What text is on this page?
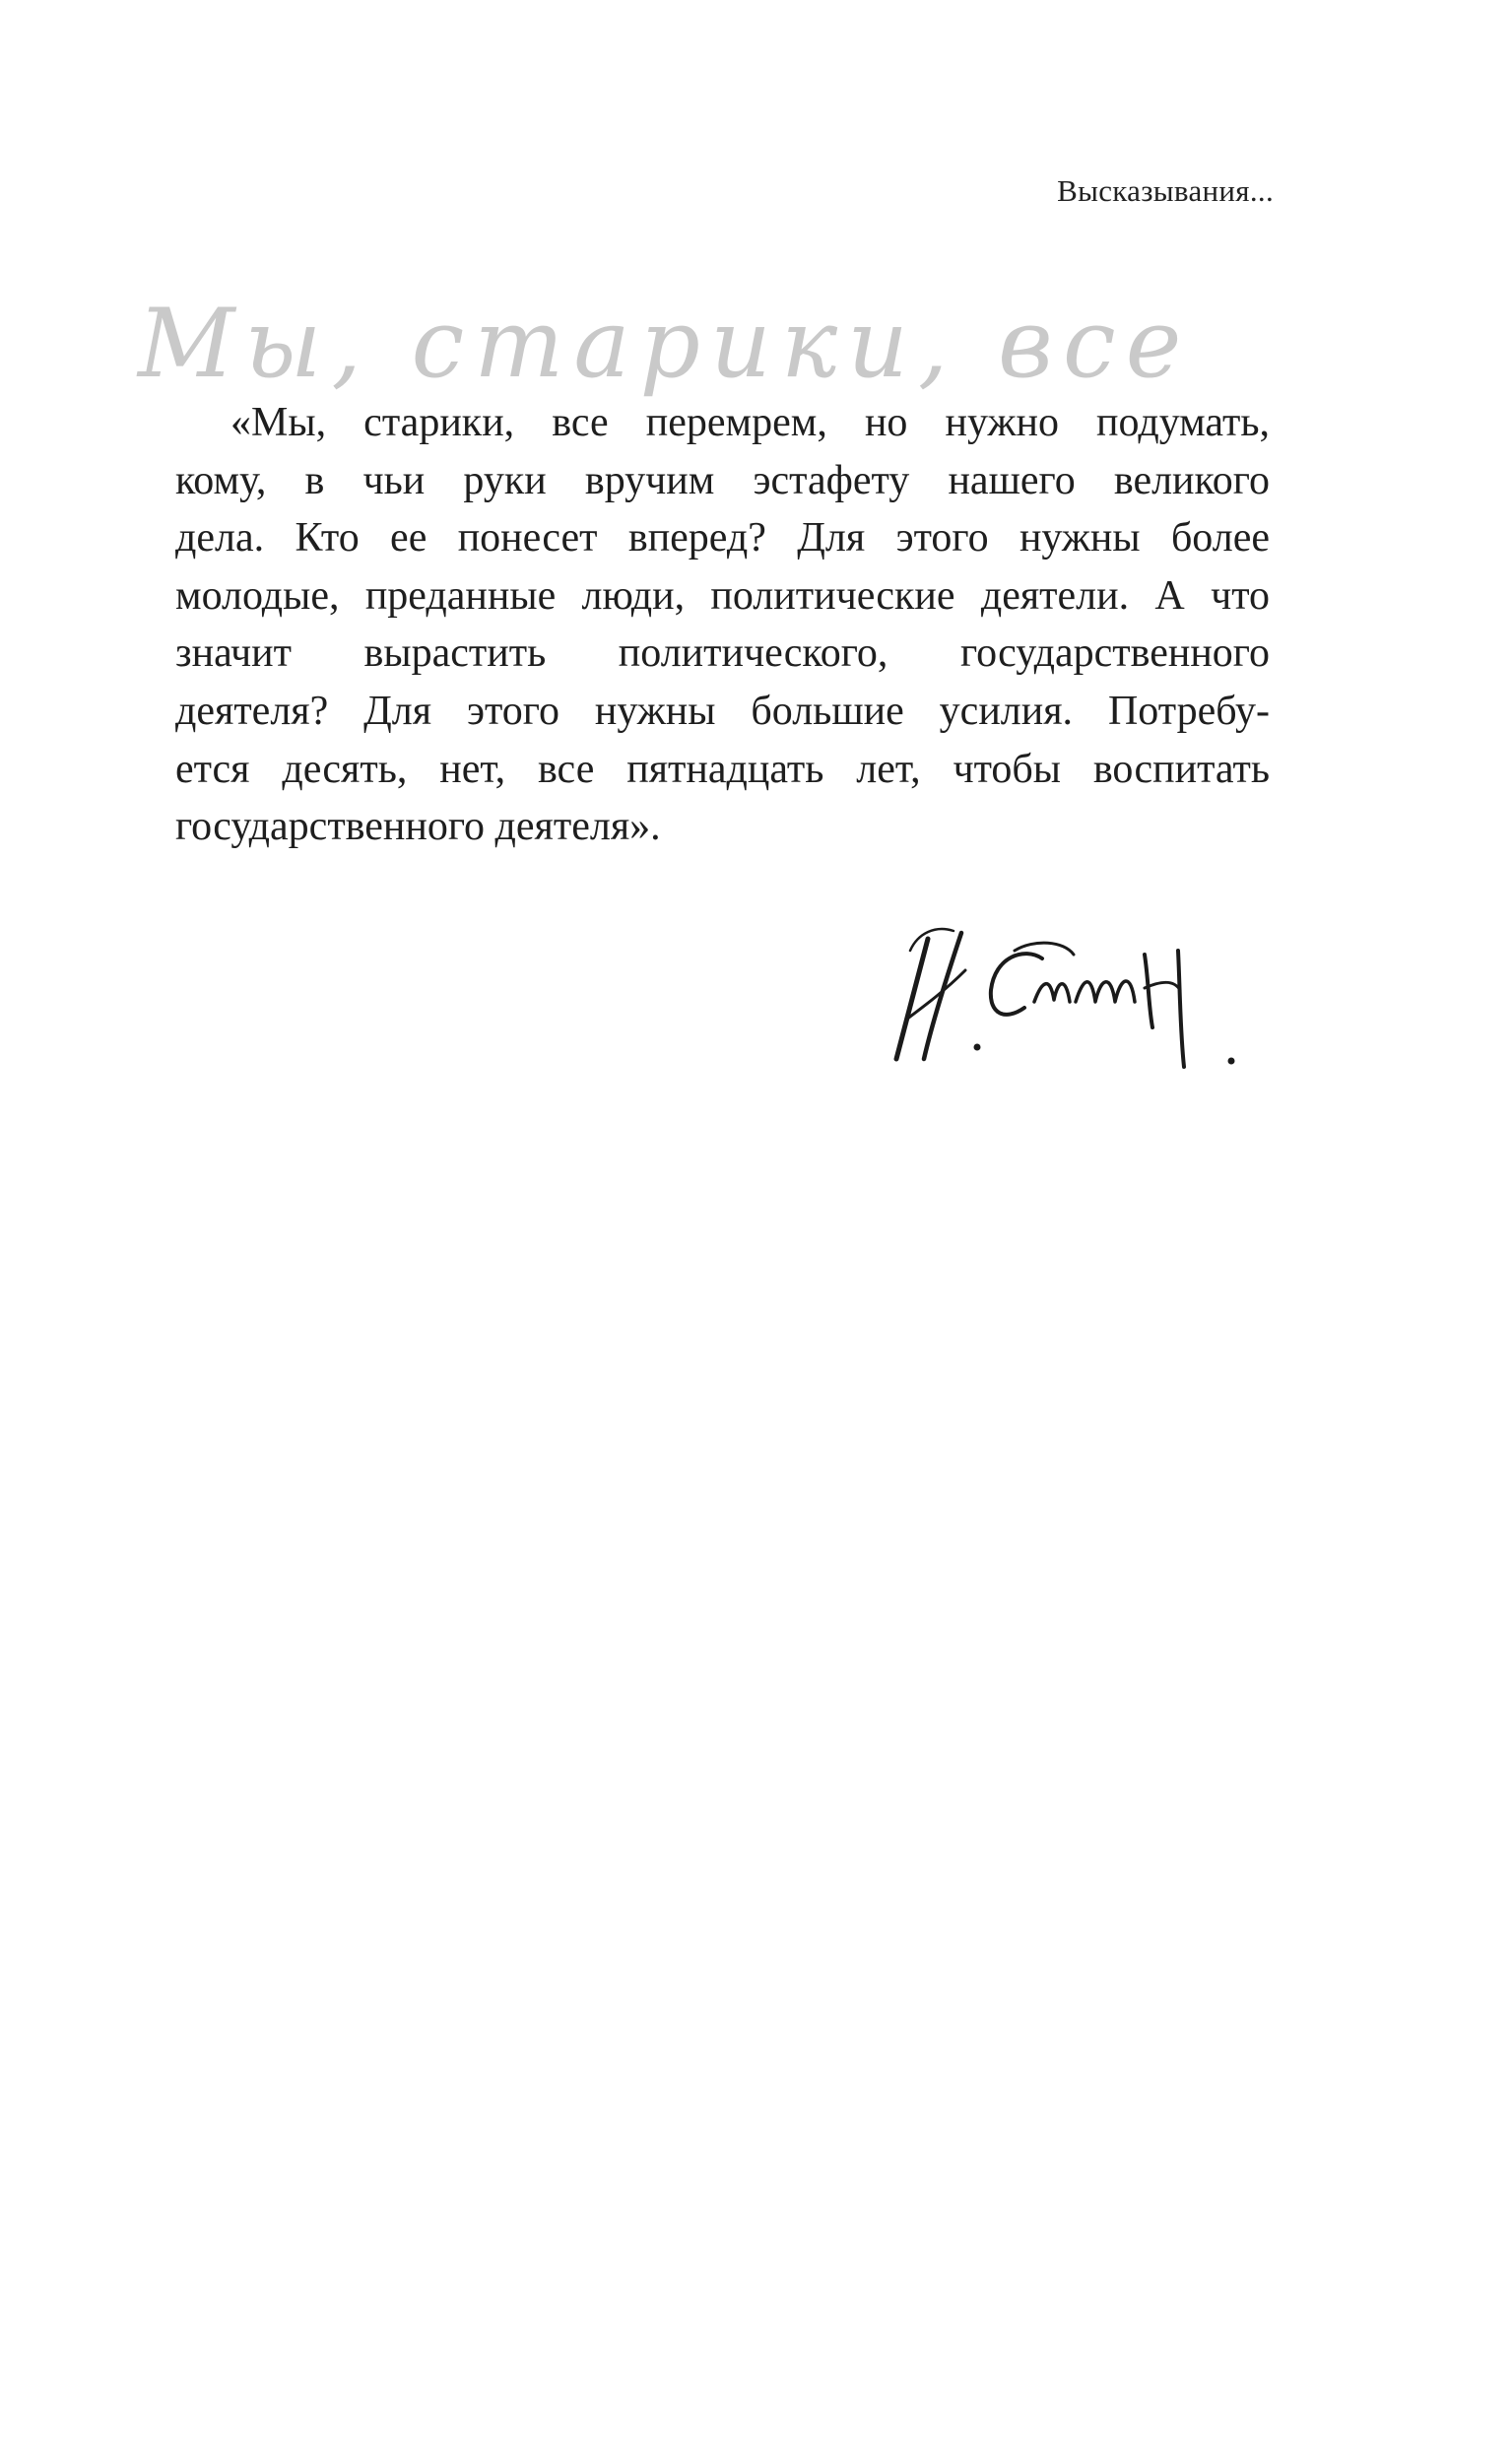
Высказывания...
Мы, старики, все
«Мы, старики, все перемрем, но нужно подумать,
кому, в чьи руки вручим эстафету нашего великого
дела. Кто ее понесет вперед? Для этого нужны более
молодые, преданные люди, политические деятели. А что
значит вырастить политического, государственного
деятеля? Для этого нужны большие усилия. Потребу-
ется десять, нет, все пятнадцать лет, чтобы воспитать
государственного деятеля».
